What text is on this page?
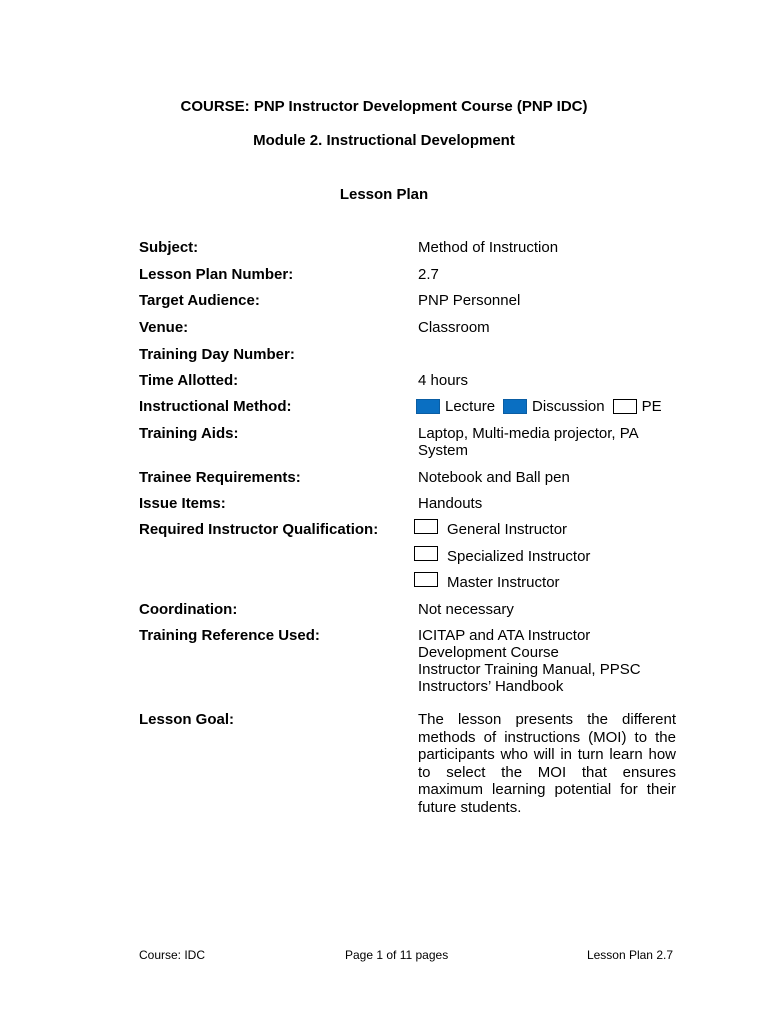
COURSE: PNP Instructor Development Course (PNP IDC)
Module 2. Instructional Development
Lesson Plan
Subject:	Method of Instruction
Lesson Plan Number:	2.7
Target Audience:	PNP Personnel
Venue:	Classroom
Training Day Number:
Time Allotted:	4 hours
Instructional Method:	Lecture Discussion PE
Training Aids:	Laptop, Multi-media projector, PA
System
Trainee Requirements:	Notebook and Ball pen
Issue Items:	Handouts
Required Instructor Qualification:	General Instructor
Specialized Instructor
Master Instructor
Coordination:	Not necessary
Training Reference Used:	ICITAP and ATA Instructor
Development Course
Instructor Training Manual, PPSC
Instructors’ Handbook
Lesson Goal:	The lesson presents the different methods of instructions (MOI) to the participants who will in turn learn how to select the MOI that ensures maximum learning potential for their future students.
Course: IDC	Page 1 of 11 pages	Lesson Plan 2.7
